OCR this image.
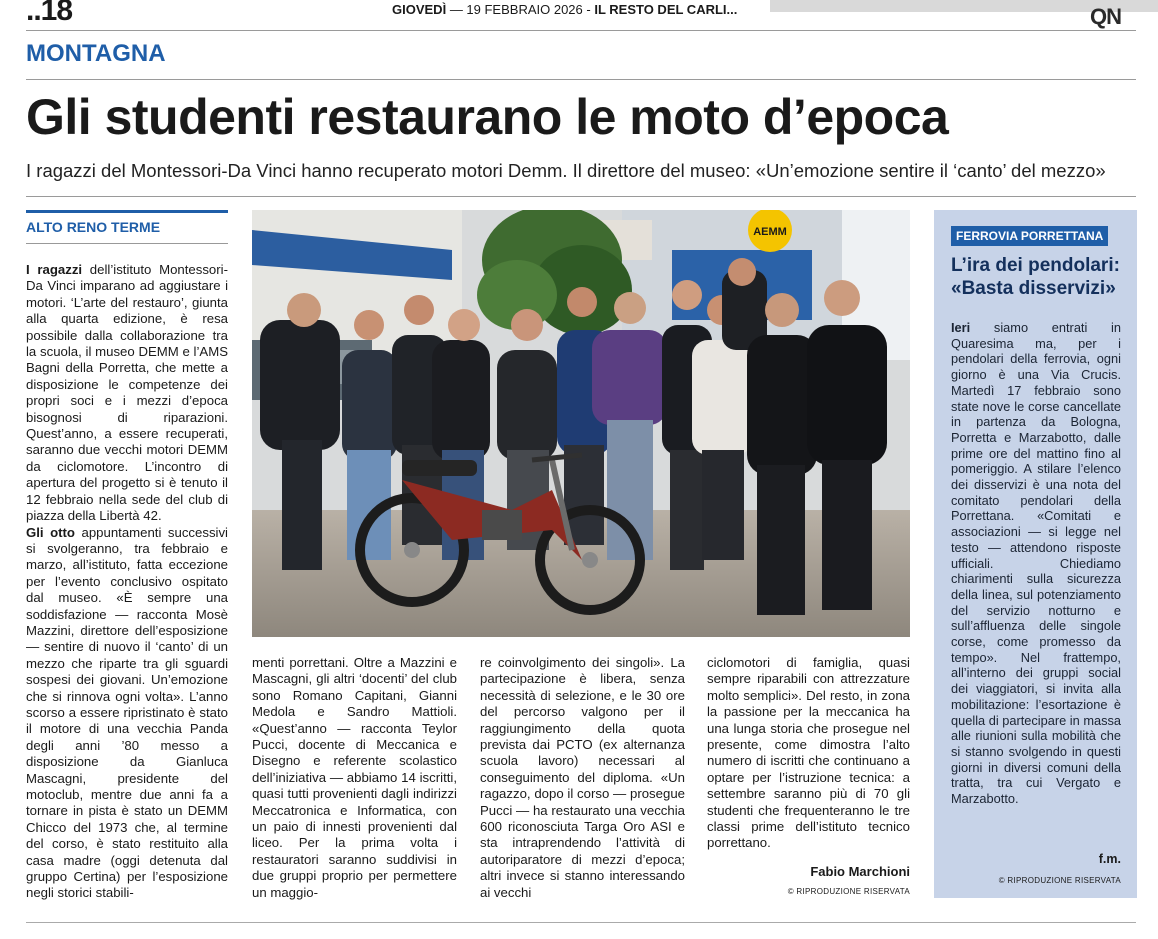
..18	GIOVEDÌ — 19 FEBBRAIO 2026 - IL RESTO DEL CARLI...	QN
MONTAGNA
Gli studenti restaurano le moto d’epoca
I ragazzi del Montessori-Da Vinci hanno recuperato motori Demm. Il direttore del museo: «Un’emozione sentire il ‘canto’ del mezzo»
ALTO RENO TERME

I ragazzi dell’istituto Montessori-Da Vinci imparano ad aggiustare i motori. ‘L’arte del restauro’, giunta alla quarta edizione, è resa possibile dalla collaborazione tra la scuola, il museo DEMM e l’AMS Bagni della Porretta, che mette a disposizione le competenze dei propri soci e i mezzi d’epoca bisognosi di riparazioni. Quest’anno, a essere recuperati, saranno due vecchi motori DEMM da ciclomotore. L’incontro di apertura del progetto si è tenuto il 12 febbraio nella sede del club di piazza della Libertà 42.

Gli otto appuntamenti successivi si svolgeranno, tra febbraio e marzo, all’istituto, fatta eccezione per l’evento conclusivo ospitato dal museo. «È sempre una soddisfazione — racconta Mosè Mazzini, direttore dell’esposizione — sentire di nuovo il ‘canto’ di un mezzo che riparte tra gli sguardi sospesi dei giovani. Un’emozione che si rinnova ogni volta». L’anno scorso a essere ripristinato è stato il motore di una vecchia Panda degli anni ’80 messo a disposizione da Gianluca Mascagni, presidente del motoclub, mentre due anni fa a tornare in pista è stato un DEMM Chicco del 1973 che, al termine del corso, è stato restituito alla casa madre (oggi detenuta dal gruppo Certina) per l’esposizione negli storici stabili-

AEMM

menti porrettani. Oltre a Mazzini e Mascagni, gli altri ‘docenti’ del club sono Romano Capitani, Gianni Medola e Sandro Mattioli. «Quest’anno — racconta Teylor Pucci, docente di Meccanica e Disegno e referente scolastico dell’iniziativa — abbiamo 14 iscritti, quasi tutti provenienti dagli indirizzi Meccatronica e Informatica, con un paio di innesti provenienti dal liceo. Per la prima volta i restauratori saranno suddivisi in due gruppi proprio per permettere un maggio-

re coinvolgimento dei singoli». La partecipazione è libera, senza necessità di selezione, e le 30 ore del percorso valgono per il raggiungimento della quota prevista dai PCTO (ex alternanza scuola lavoro) necessari al conseguimento del diploma. «Un ragazzo, dopo il corso — prosegue Pucci — ha restaurato una vecchia 600 riconosciuta Targa Oro ASI e sta intraprendendo l’attività di autoriparatore di mezzi d’epoca; altri invece si stanno interessando ai vecchi

ciclomotori di famiglia, quasi sempre riparabili con attrezzature molto semplici». Del resto, in zona la passione per la meccanica ha una lunga storia che prosegue nel presente, come dimostra l’alto numero di iscritti che continuano a optare per l’istruzione tecnica: a settembre saranno più di 70 gli studenti che frequenteranno le tre classi prime dell’istituto tecnico porrettano.

Fabio Marchioni
© RIPRODUZIONE RISERVATA
FERROVIA PORRETTANA
L’ira dei pendolari: «Basta disservizi»
Ieri siamo entrati in Quaresima ma, per i pendolari della ferrovia, ogni giorno è una Via Crucis. Martedì 17 febbraio sono state nove le corse cancellate in partenza da Bologna, Porretta e Marzabotto, dalle prime ore del mattino fino al pomeriggio. A stilare l’elenco dei disservizi è una nota del comitato pendolari della Porrettana. «Comitati e associazioni — si legge nel testo — attendono risposte ufficiali. Chiediamo chiarimenti sulla sicurezza della linea, sul potenziamento del servizio notturno e sull’affluenza delle singole corse, come promesso da tempo». Nel frattempo, all’interno dei gruppi social dei viaggiatori, si invita alla mobilitazione: l’esortazione è quella di partecipare in massa alle riunioni sulla mobilità che si stanno svolgendo in questi giorni in diversi comuni della tratta, tra cui Vergato e Marzabotto.
f.m.
© RIPRODUZIONE RISERVATA
